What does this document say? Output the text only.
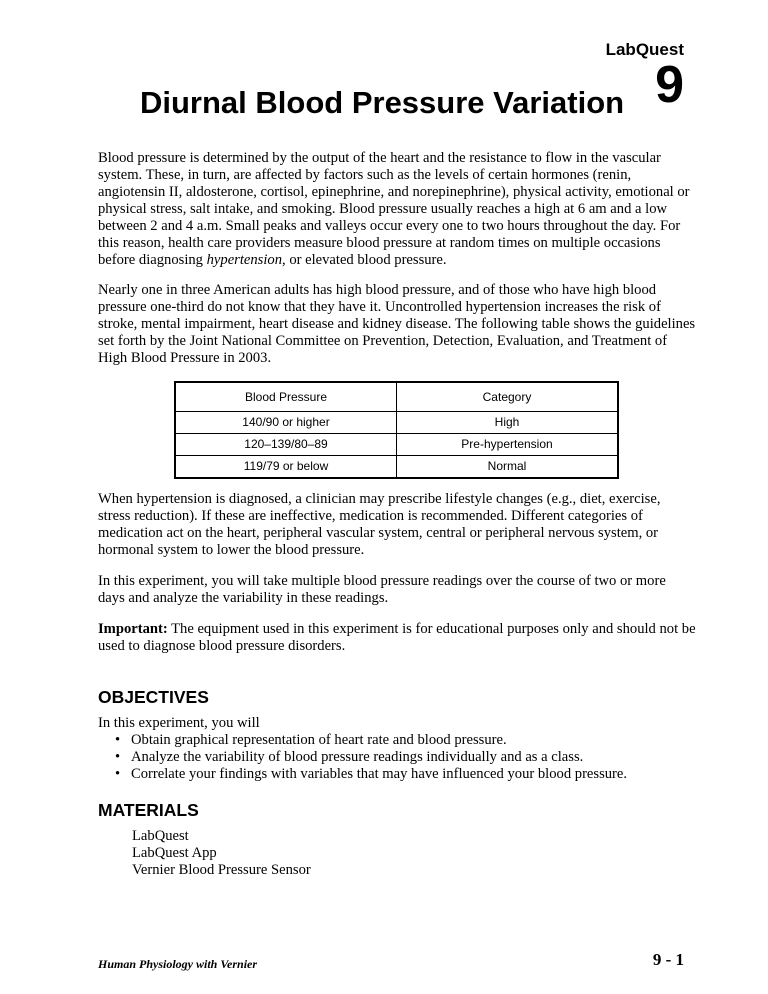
LabQuest
9
Diurnal Blood Pressure Variation

Blood pressure is determined by the output of the heart and the resistance to flow in the vascular system. These, in turn, are affected by factors such as the levels of certain hormones (renin, angiotensin II, aldosterone, cortisol, epinephrine, and norepinephrine), physical activity, emotional or physical stress, salt intake, and smoking. Blood pressure usually reaches a high at 6 am and a low between 2 and 4 a.m. Small peaks and valleys occur every one to two hours throughout the day. For this reason, health care providers measure blood pressure at random times on multiple occasions before diagnosing hypertension, or elevated blood pressure.

Nearly one in three American adults has high blood pressure, and of those who have high blood pressure one-third do not know that they have it. Uncontrolled hypertension increases the risk of stroke, mental impairment, heart disease and kidney disease. The following table shows the guidelines set forth by the Joint National Committee on Prevention, Detection, Evaluation, and Treatment of High Blood Pressure in 2003.

Blood Pressure	Category
140/90 or higher	High
120–139/80–89	Pre-hypertension
119/79 or below	Normal

When hypertension is diagnosed, a clinician may prescribe lifestyle changes (e.g., diet, exercise, stress reduction). If these are ineffective, medication is recommended. Different categories of medication act on the heart, peripheral vascular system, central or peripheral nervous system, or hormonal system to lower the blood pressure.

In this experiment, you will take multiple blood pressure readings over the course of two or more days and analyze the variability in these readings.

Important: The equipment used in this experiment is for educational purposes only and should not be used to diagnose blood pressure disorders.

OBJECTIVES
In this experiment, you will
• Obtain graphical representation of heart rate and blood pressure.
• Analyze the variability of blood pressure readings individually and as a class.
• Correlate your findings with variables that may have influenced your blood pressure.
MATERIALS
LabQuest
LabQuest App
Vernier Blood Pressure Sensor
Human Physiology with Vernier	9 - 1
